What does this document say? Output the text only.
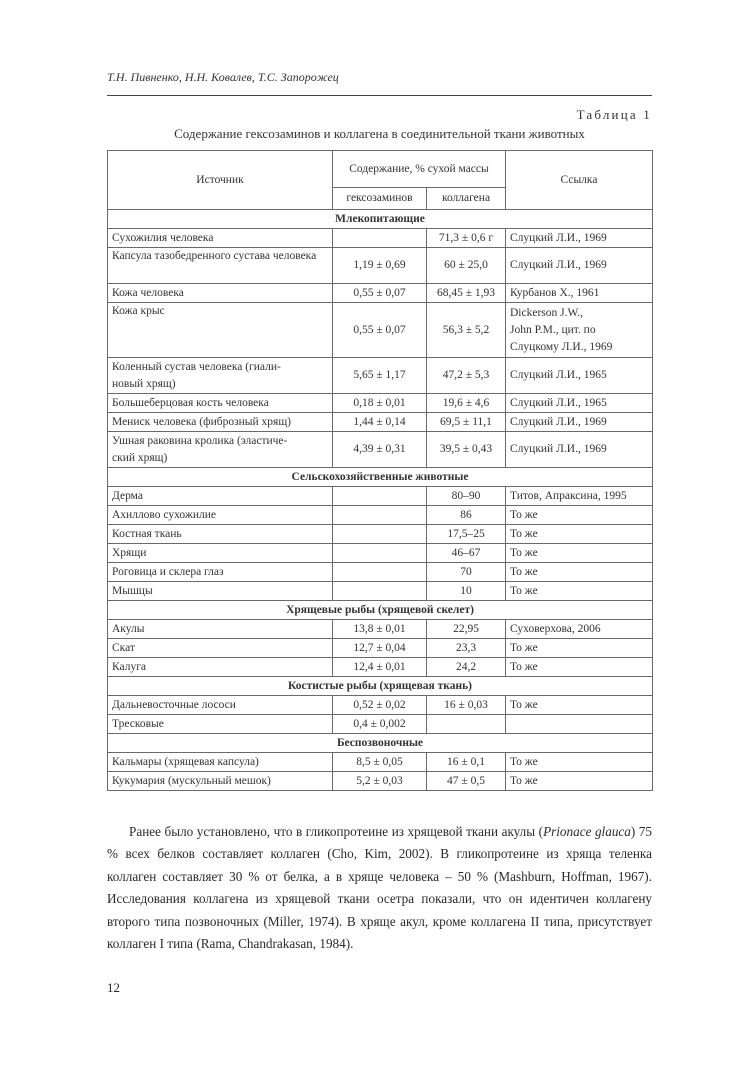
Т.Н. Пивненко, Н.Н. Ковалев, Т.С. Запорожец
Таблица 1
Содержание гексозаминов и коллагена в соединительной ткани животных
Источник	Содержание, % сухой массы		Ссылка
	гексозаминов	коллагена	
Млекопитающие			
Сухожилия человека		71,3 ± 0,6 г	Слуцкий Л.И., 1969
Капсула тазобедренного сустава человека	1,19 ± 0,69	60 ± 25,0	Слуцкий Л.И., 1969
Кожа человека	0,55 ± 0,07	68,45 ± 1,93	Курбанов Х., 1961
Кожа крыс	0,55 ± 0,07	56,3 ± 5,2	Dickerson J.W.,
John P.M., цит. по
Слуцкому Л.И., 1969

Коленный сустав человека (гиали-
новый хрящ)	5,65 ± 1,17	47,2 ± 5,3	Слуцкий Л.И., 1965
Большеберцовая кость человека	0,18 ± 0,01	19,6 ± 4,6	Слуцкий Л.И., 1965
Мениск человека (фиброзный хрящ)	1,44 ± 0,14	69,5 ± 11,1	Слуцкий Л.И., 1969

Ушная раковина кролика (эластиче-
ский хрящ)	4,39 ± 0,31	39,5 ± 0,43	Слуцкий Л.И., 1969
Сельскохозяйственные животные			
Дерма		80–90	Титов, Апраксина, 1995
Ахиллово сухожилие		86	То же
Костная ткань		17,5–25	То же
Хрящи		46–67	То же
Роговица и склера глаз		70	То же
Мышцы		10	То же
Хрящевые рыбы (хрящевой скелет)			
Акулы	13,8 ± 0,01	22,95	Суховерхова, 2006
Скат	12,7 ± 0,04	23,3	То же
Калуга	12,4 ± 0,01	24,2	То же
Костистые рыбы (хрящевая ткань)			
Дальневосточные лососи	0,52 ± 0,02	16 ± 0,03	То же
Тресковые	0,4 ± 0,002		
Беспозвоночные			
Кальмары (хрящевая капсула)	8,5 ± 0,05	16 ± 0,1	То же
Кукумария (мускульный мешок)	5,2 ± 0,03	47 ± 0,5	То же
Ранее было установлено, что в гликопротеине из хрящевой ткани акулы (Prionace glauca) 75 % всех белков составляет коллаген (Cho, Kim, 2002). В гликопротеине из хряща теленка коллаген составляет 30 % от белка, а в хряще человека – 50 % (Mashburn, Hoffman, 1967). Исследования коллагена из хрящевой ткани осетра показали, что он идентичен коллагену второго типа позвоночных (Miller, 1974). В хряще акул, кроме коллагена II типа, присутствует коллаген I типа (Rama, Chandrakasan, 1984).
12
